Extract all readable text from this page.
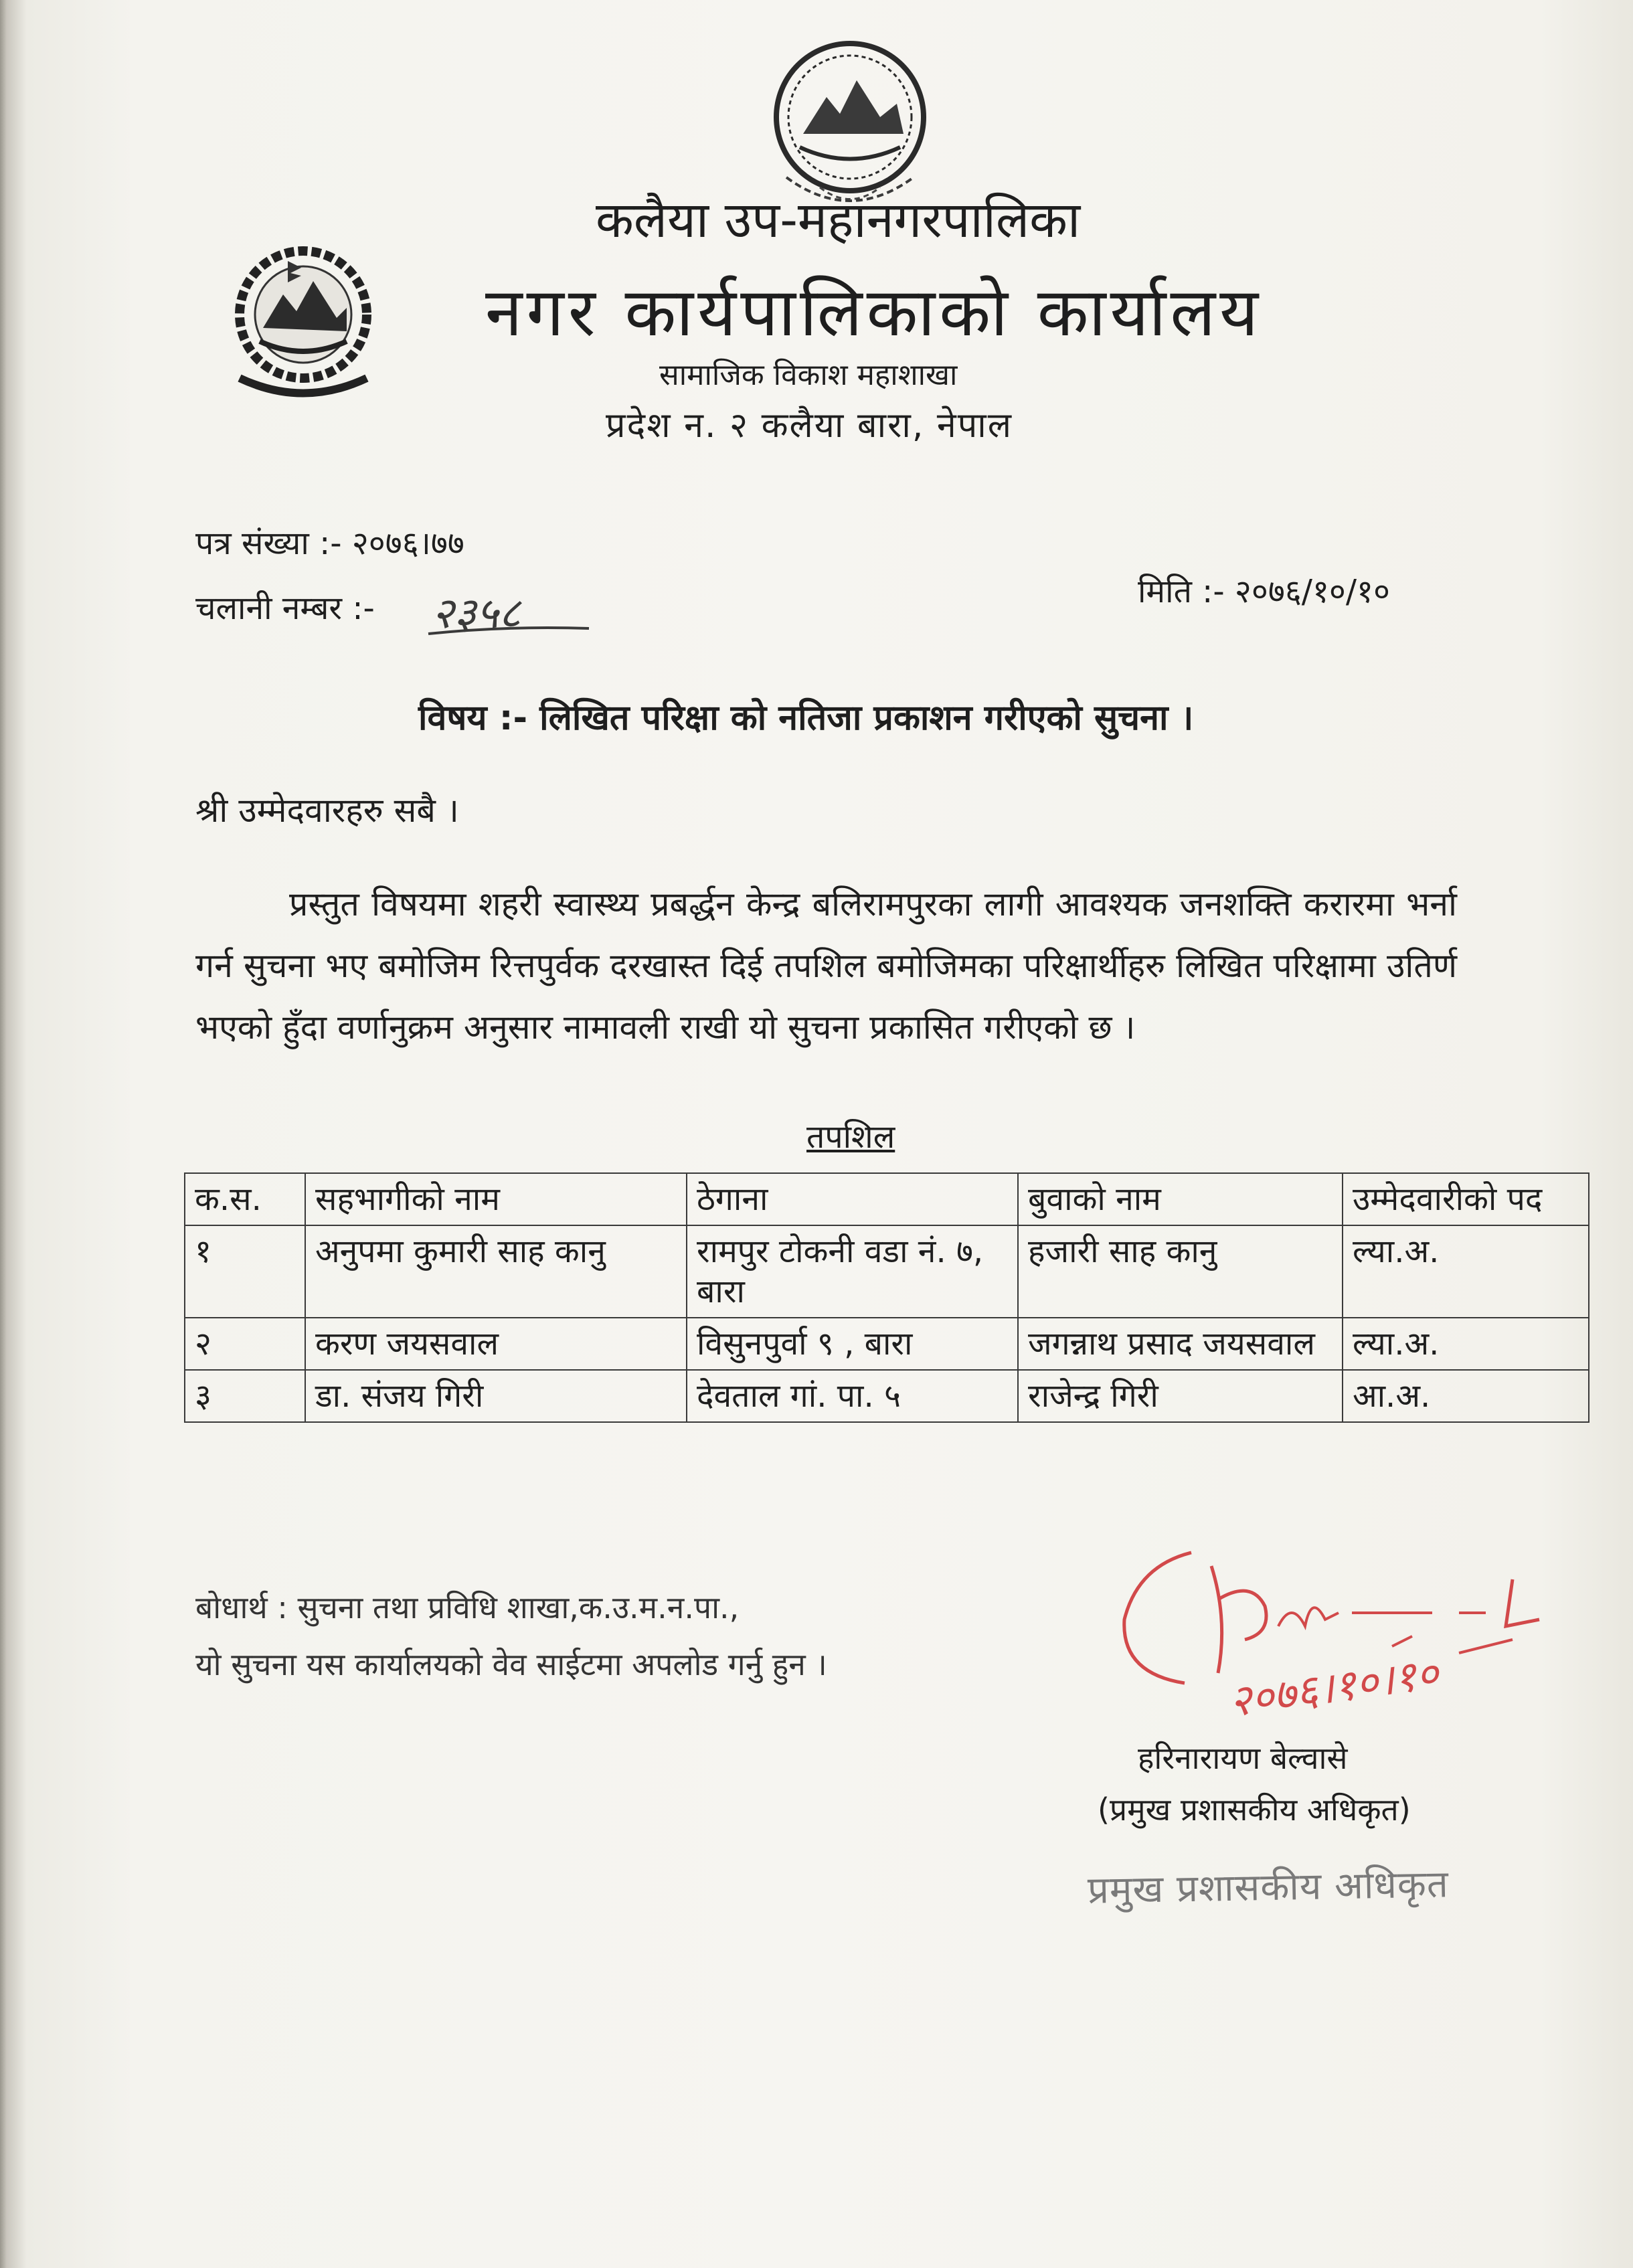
कलैया उप-महानगरपालिका
नगर कार्यपालिकाको कार्यालय
सामाजिक विकाश महाशाखा
प्रदेश न. २ कलैया बारा, नेपाल
पत्र संख्या :- २०७६।७७
चलानी नम्बर :- २३५८	मिति :- २०७६/१०/१०
विषय :- लिखित परिक्षा को नतिजा प्रकाशन गरीएको सुचना ।
श्री उम्मेदवारहरु सबै ।
प्रस्तुत विषयमा शहरी स्वास्थ्य प्रबर्द्धन केन्द्र बलिरामपुरका लागी आवश्यक जनशक्ति करारमा भर्ना गर्न सुचना भए बमोजिम रित्तपुर्वक दरखास्त दिई तपशिल बमोजिमका परिक्षार्थीहरु लिखित परिक्षामा उतिर्ण भएको हुँदा वर्णानुक्रम अनुसार नामावली राखी यो सुचना प्रकासित गरीएको छ ।
तपशिल
क.स.	सहभागीको नाम	ठेगाना	बुवाको नाम	उम्मेदवारीको पद
१	अनुपमा कुमारी साह कानु	रामपुर टोकनी वडा नं. ७, बारा	हजारी साह कानु	ल्या.अ.
२	करण जयसवाल	विसुनपुर्वा ९ , बारा	जगन्नाथ प्रसाद जयसवाल	ल्या.अ.
३	डा. संजय गिरी	देवताल गां. पा. ५	राजेन्द्र गिरी	आ.अ.
बोधार्थ : सुचना तथा प्रविधि शाखा,क.उ.म.न.पा.,
यो सुचना यस कार्यालयको वेव साईटमा अपलोड गर्नु हुन ।	२०७६।१०।१०
हरिनारायण बेल्वासे
(प्रमुख प्रशासकीय अधिकृत)
प्रमुख प्रशासकीय अधिकृत
